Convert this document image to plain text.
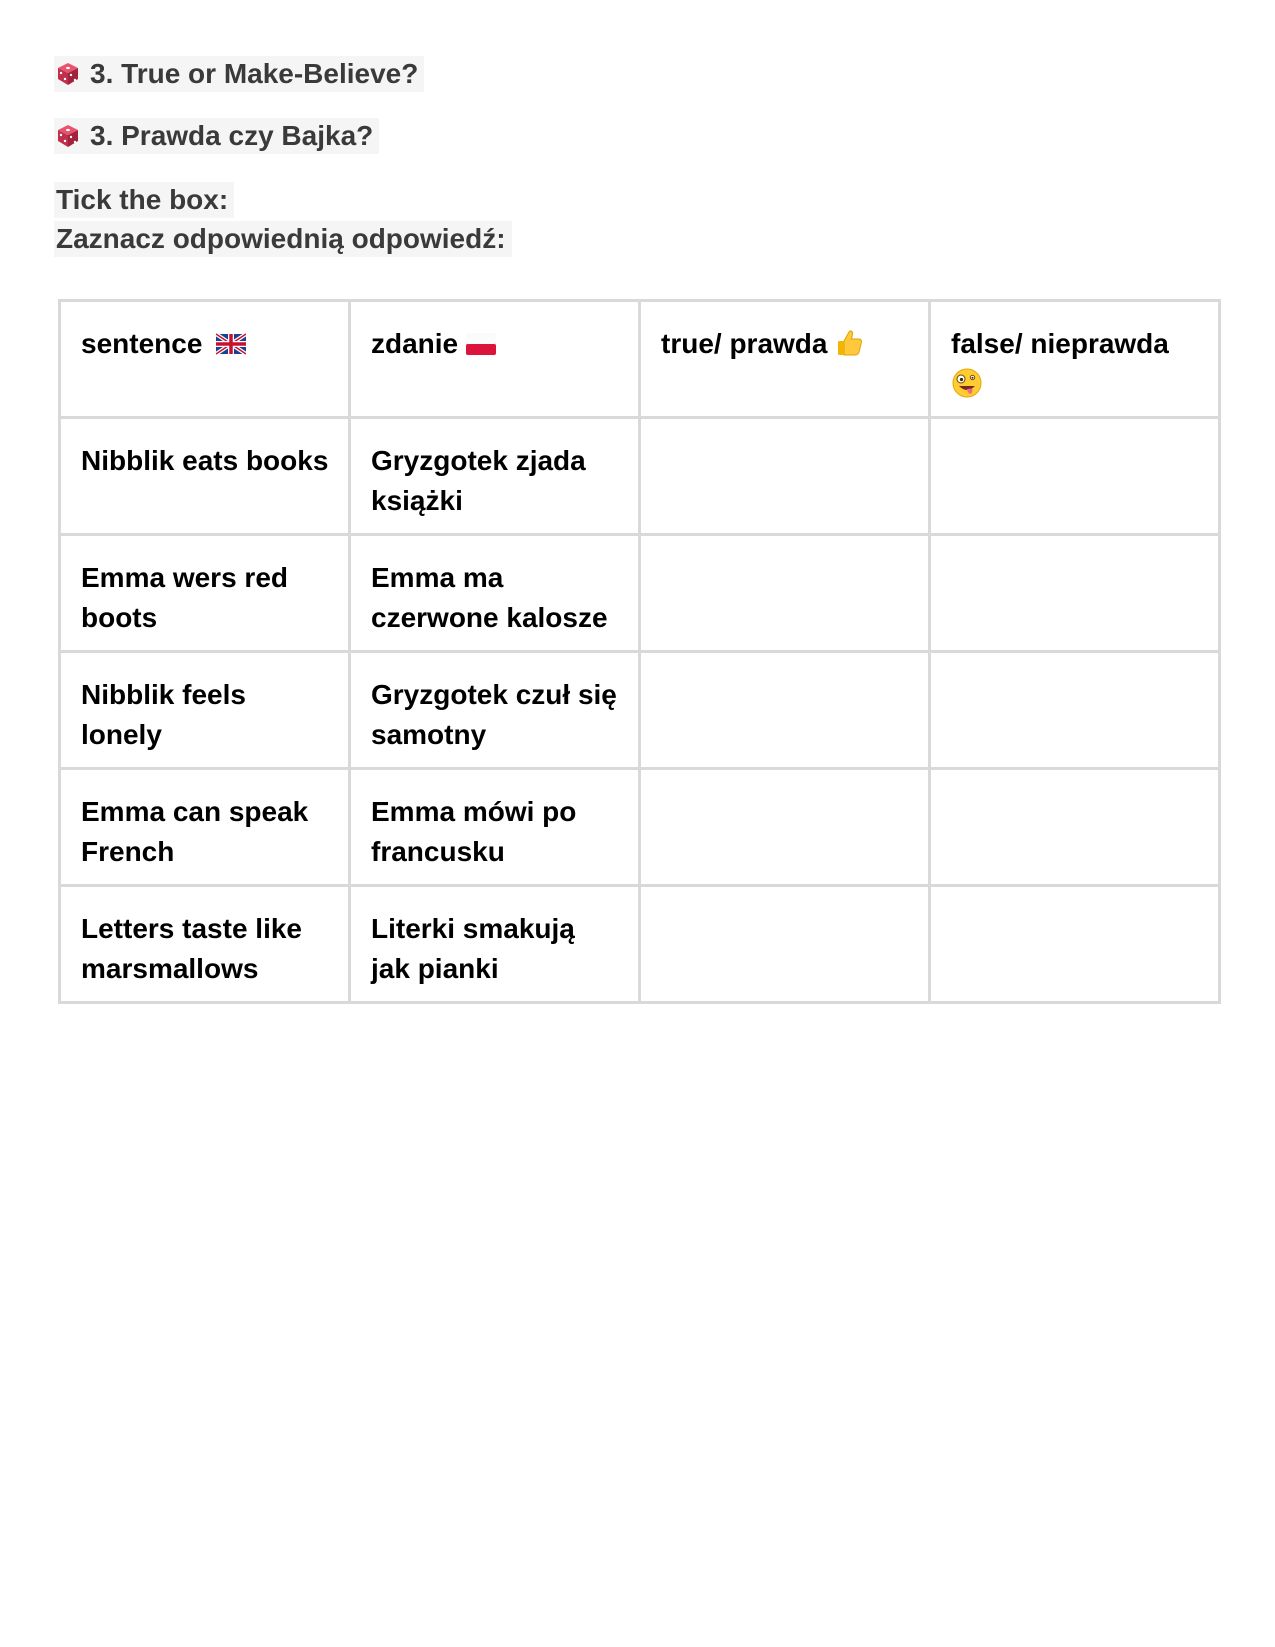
3. True or Make-Believe?
3. Prawda czy Bajka?
Tick the box:
Zaznacz odpowiednią odpowiedź:
sentence	zdanie	true/ prawda	false/ nieprawda

Nibblik eats books	Gryzgotek zjada książki		
Emma wers red boots	Emma ma czerwone kalosze		
Nibblik feels lonely	Gryzgotek czuł się samotny		
Emma can speak French	Emma mówi po francusku		
Letters taste like marsmallows	Literki smakują jak pianki		
